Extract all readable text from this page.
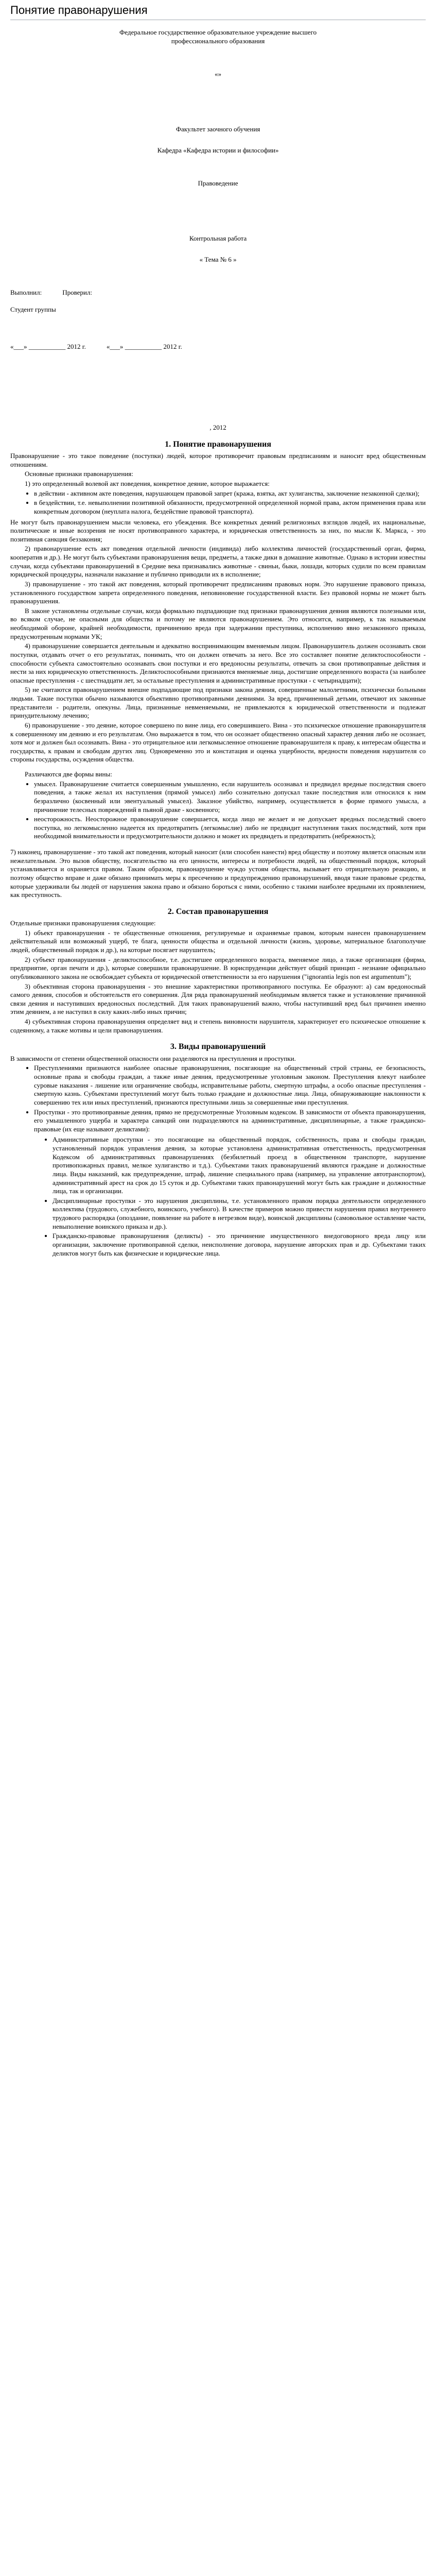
Понятие правонарушения

Федеральное государственное образовательное учреждение высшего профессионального образования

«»

Факультет заочного обучения

Кафедра «Кафедра истории и философии»

Правоведение

Контрольная работа

« Тема № 6 »

Выполнил:	Проверил:

Студент группы

«___» ___________ 2012 г.	«___» ___________ 2012 г.

, 2012

1. Понятие правонарушения

Правонарушение - это такое поведение (поступки) людей, которое противоречит правовым предписаниям и наносит вред общественным отношениям.

Основные признаки правонарушения:

1) это определенный волевой акт поведения, конкретное деяние, которое выражается:

• в действии - активном акте поведения, нарушающем правовой запрет (кража, взятка, акт хулиганства, заключение незаконной сделки);
• в бездействии, т.е. невыполнении позитивной обязанности, предусмотренной определенной нормой права, актом применения права или конкретным договором (неуплата налога, бездействие правовой транспорта).

Не могут быть правонарушением мысли человека, его убеждения. Все конкретных деяний религиозных взглядов людей, их национальные, политические и иные воззрения не носят противоправного характера, и юридическая ответственность за них, по мысли К. Маркса, - это позитивная санкция беззакония;

2) правонарушение есть акт поведения отдельной личности (индивида) либо коллектива личностей (государственный орган, фирма, кооператив и др.). Не могут быть субъектами правонарушения вещи, предметы, а также дики в домашние животные. Однако в истории известны случаи, когда субъектами правонарушений в Средние века признавались животные - свиньи, быки, лошади, которых судили по всем правилам юридической процедуры, назначали наказание и публично приводили их в исполнение;

3) правонарушение - это такой акт поведения, который противоречит предписаниям правовых норм. Это нарушение правового приказа, установленного государством запрета определенного поведения, неповиновение государственной власти. Без правовой нормы не может быть правонарушения.

В законе установлены отдельные случаи, когда формально подпадающие под признаки правонарушения деяния являются полезными или, во всяком случае, не опасными для общества и потому не являются правонарушением. Это относится, например, к так называемым необходимой обороне, крайней необходимости, причинению вреда при задержании преступника, исполнению явно незаконного приказа, предусмотренным нормами УК;

4) правонарушение совершается деятельным и адекватно воспринимающим вменяемым лицом. Правонарушитель должен осознавать свои поступки, отдавать отчет о его результатах, понимать, что он должен отвечать за него. Все это составляет понятие деликтоспособности - способности субъекта самостоятельно осознавать свои поступки и его вредоносны результаты, отвечать за свои противоправные действия и нести за них юридическую ответственность. Деликтоспособными признаются вменяемые лица, достигшие определенного возраста (за наиболее опасные преступления - с шестнадцати лет, за остальные преступления и административные проступки - с четырнадцати);

5) не считаются правонарушением внешне подпадающие под признаки закона деяния, совершенные малолетними, психически больными людьми. Такие поступки обычно называются объективно противоправными деяниями. За вред, причиненный детьми, отвечают их законные представители - родители, опекуны. Лица, признанные невменяемыми, не привлекаются к юридической ответственности и подлежат принудительному лечению;

6) правонарушение - это деяние, которое совершено по вине лица, его совершившего. Вина - это психическое отношение правонарушителя к совершенному им деянию и его результатам. Оно выражается в том, что он осознает общественно опасный характер деяния либо не осознает, хотя мог и должен был осознавать. Вина - это отрицательное или легкомысленное отношение правонарушителя к праву, к интересам общества и государства, к правам и свободам других лиц. Одновременно это и констатация и оценка ущербности, вредности поведения нарушителя со стороны государства, осуждения общества.

Различаются две формы вины:

• умысел. Правонарушение считается совершенным умышленно, если нарушитель осознавал и предвидел вредные последствия своего поведения, а также желал их наступления (прямой умысел) либо сознательно допускал такие последствия или относился к ним безразлично (косвенный или эвентуальный умысел). Заказное убийство, например, осуществляется в форме прямого умысла, а причинение телесных повреждений в пьяной драке - косвенного;
• неосторожность. Неосторожное правонарушение совершается, когда лицо не желает и не допускает вредных последствий своего поступка, но легкомысленно надеется их предотвратить (легкомыслие) либо не предвидит наступления таких последствий, хотя при необходимой внимательности и предусмотрительности должно и может их предвидеть и предотвратить (небрежность);

7) наконец, правонарушение - это такой акт поведения, который наносит (или способен нанести) вред обществу и поэтому является опасным или нежелательным. Это вызов обществу, посягательство на его ценности, интересы и потребности людей, на общественный порядок, который устанавливается и охраняется правом. Таким образом, правонарушение чуждо устоям общества, вызывает его отрицательную реакцию, и поэтому общество вправе и даже обязано принимать меры к пресечению и предупреждению правонарушений, вводя такие правовые средства, которые удерживали бы людей от нарушения закона право и обязано бороться с ними, особенно с такими наиболее вредными их проявлением, как преступность.

2. Состав правонарушения

Отдельные признаки правонарушения следующие:

1) объект правонарушения - те общественные отношения, регулируемые и охраняемые правом, которым нанесен правонарушением действительный или возможный ущерб, те блага, ценности общества и отдельной личности (жизнь, здоровье, материальное благополучие людей, общественный порядок и др.), на которые посягает нарушитель;

2) субъект правонарушения - деликтоспособное, т.е. достигшее определенного возраста, вменяемое лицо, а также организация (фирма, предприятие, орган печати и др.), которые совершили правонарушение. В юриспруденции действует общий принцип - незнание официально опубликованного закона не освобождает субъекта от юридической ответственности за его нарушения ("ignorantia legis non est argumentum");

3) объективная сторона правонарушения - это внешние характеристики противоправного поступка. Ее образуют: а) сам вредоносный самого деяния, способов и обстоятельств его совершения. Для ряда правонарушений необходимым является также и установление причинной связи деяния и наступивших вредоносных последствий. Для таких правонарушений важно, чтобы наступивший вред был причинен именно этим деянием, а не наступил в силу каких-либо иных причин;

4) субъективная сторона правонарушения определяет вид и степень виновности нарушителя, характеризует его психическое отношение к содеянному, а также мотивы и цели правонарушения.

3. Виды правонарушений

В зависимости от степени общественной опасности они разделяются на преступления и проступки.

• Преступлениями признаются наиболее опасные правонарушения, посягающие на общественный строй страны, ее безопасность, основные права и свободы граждан, а также иные деяния, предусмотренные уголовным законом. Преступления влекут наиболее суровые наказания - лишение или ограничение свободы, исправительные работы, смертную штрафы, а особо опасные преступления - смертную казнь. Субъектами преступлений могут быть только граждане и должностные лица. Лица, обнаруживающие наклонности к совершению тех или иных преступлений, признаются преступными лишь за совершенные ими преступления.
• Проступки - это противоправные деяния, прямо не предусмотренные Уголовным кодексом. В зависимости от объекта правонарушения, его умышленного ущерба и характера санкций они подразделяются на административные, дисциплинарные, а также гражданско-правовые (их еще называют деликтами):
• Административные проступки - это посягающие на общественный порядок, собственность, права и свободы граждан, установленный порядок управления деяния, за которые установлена административная ответственность, предусмотренная Кодексом об административных правонарушениях (безбилетный проезд в общественном транспорте, нарушение противопожарных правил, мелкое хулиганство и т.д.). Субъектами таких правонарушений являются граждане и должностные лица. Виды наказаний, как предупреждение, штраф, лишение специального права (например, на управление автотранспортом), административный арест на срок до 15 суток и др. Субъектами таких правонарушений могут быть как граждане и должностные лица, так и организации.
• Дисциплинарные проступки - это нарушения дисциплины, т.е. установленного правом порядка деятельности определенного коллектива (трудового, служебного, воинского, учебного). В качестве примеров можно привести нарушения правил внутреннего трудового распорядка (опоздание, появление на работе в нетрезвом виде), воинской дисциплины (самовольное оставление части, невыполнение воинского приказа и др.).
• Гражданско-правовые правонарушения (деликты) - это причинение имущественного внедоговорного вреда лицу или организации, заключение противоправной сделки, неисполнение договора, нарушение авторских прав и др. Субъектами таких деликтов могут быть как физические и юридические лица.
